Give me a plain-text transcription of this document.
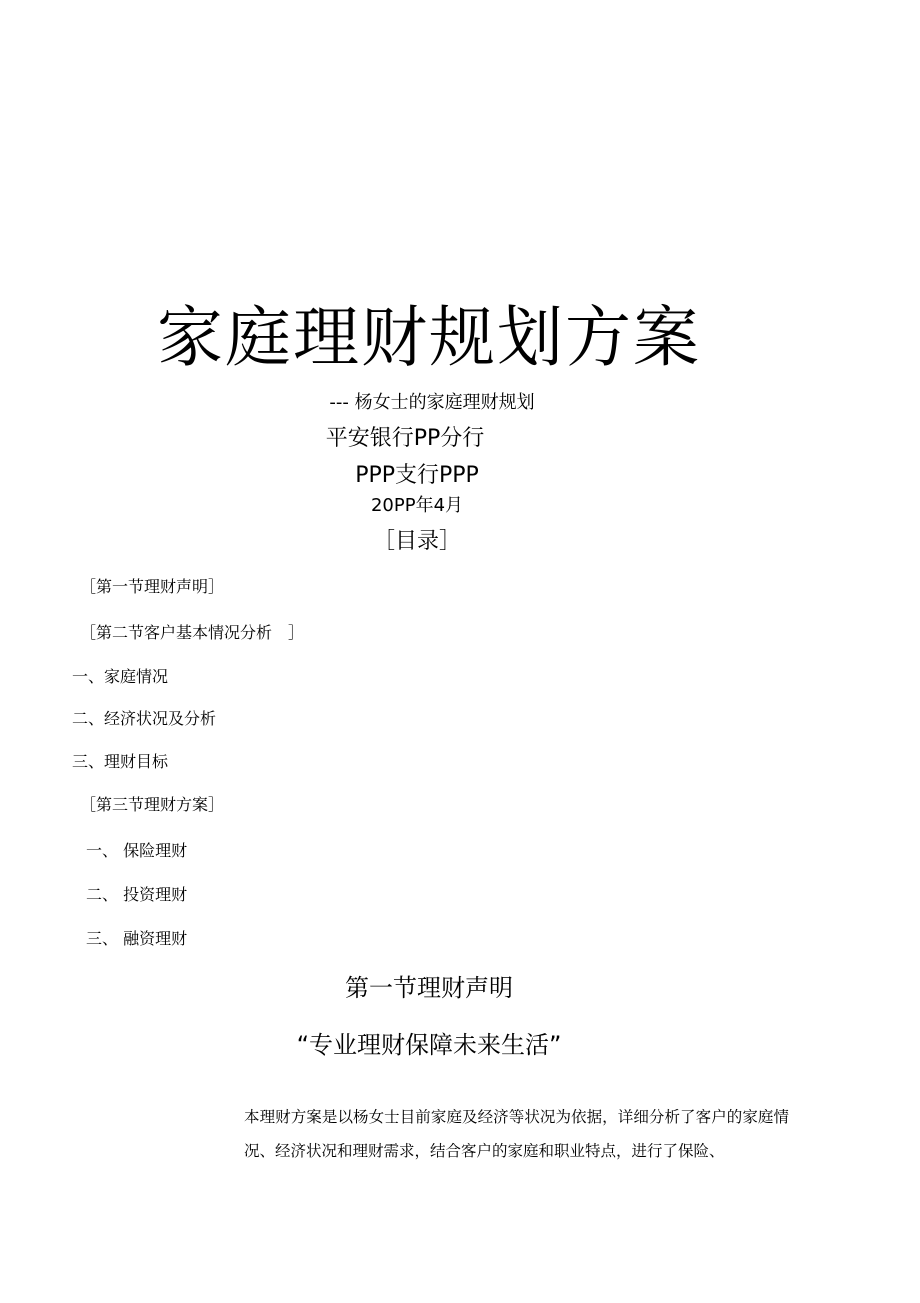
家庭理财规划方案
--- 杨女士的家庭理财规划
平安银行PP分行
PPP支行PPP
20PP年4月
［目录］
［第一节理财声明］
［第二节客户基本情况分析　］
一、家庭情况
二、经济状况及分析
三、理财目标
［第三节理财方案］
一、 保险理财
二、 投资理财
三、 融资理财
第一节理财声明
“专业理财保障未来生活”
本理财方案是以杨女士目前家庭及经济等状况为依据，详细分析了客户的家庭情况、经济状况和理财需求，结合客户的家庭和职业特点，进行了保险、
